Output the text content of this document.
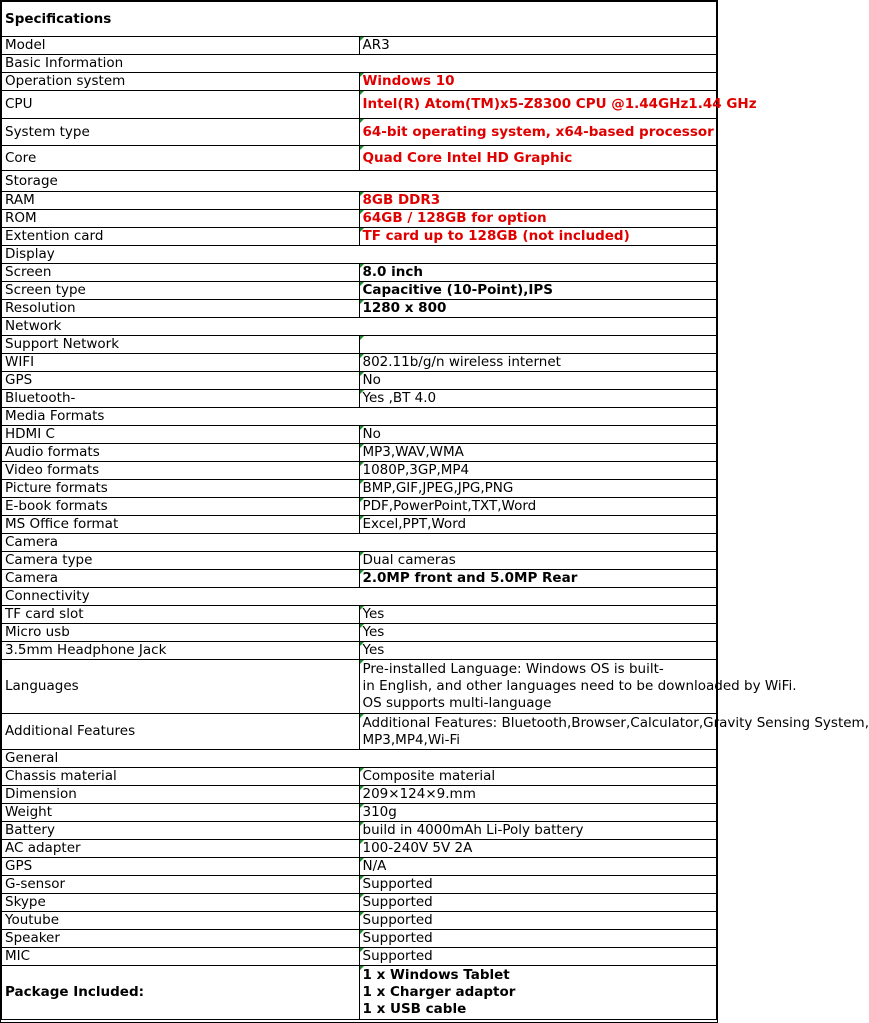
Specifications	
Model	AR3
Basic Information	
Operation system	Windows 10
CPU	Intel(R) Atom(TM)x5-Z8300 CPU @1.44GHz1.44 GHz
System type	64-bit operating system, x64-based processor
Core	Quad Core Intel HD Graphic
Storage	
RAM	8GB DDR3
ROM	64GB / 128GB for option
Extention card	TF card up to 128GB (not included)
Display	
Screen	8.0 inch
Screen type	Capacitive (10-Point),IPS
Resolution	1280 x 800
Network	
Support Network	
WIFI	802.11b/g/n wireless internet
GPS	No
Bluetooth-	Yes ,BT 4.0
Media Formats	
HDMI C	No
Audio formats	MP3,WAV,WMA
Video formats	1080P,3GP,MP4
Picture formats	BMP,GIF,JPEG,JPG,PNG
E-book formats	PDF,PowerPoint,TXT,Word
MS Office format	Excel,PPT,Word
Camera	
Camera type	Dual cameras
Camera	2.0MP front and 5.0MP Rear
Connectivity	
TF card slot	Yes
Micro usb	Yes
3.5mm Headphone Jack	Yes
Languages	Pre-installed Language: Windows OS is built-
in English, and other languages need to be downloaded by WiFi.
OS supports multi-language

Additional Features	Additional Features: Bluetooth,Browser,Calculator,Gravity Sensing System,
MP3,MP4,Wi-Fi

General	
Chassis material	Composite material
Dimension	209×124×9.mm
Weight	310g
Battery	build in 4000mAh Li-Poly battery
AC adapter	100-240V 5V 2A
GPS	N/A
G-sensor	Supported
Skype	Supported
Youtube	Supported
Speaker	Supported
MIC	Supported
Package Included:	1 x Windows Tablet
1 x Charger adaptor
1 x USB cable
